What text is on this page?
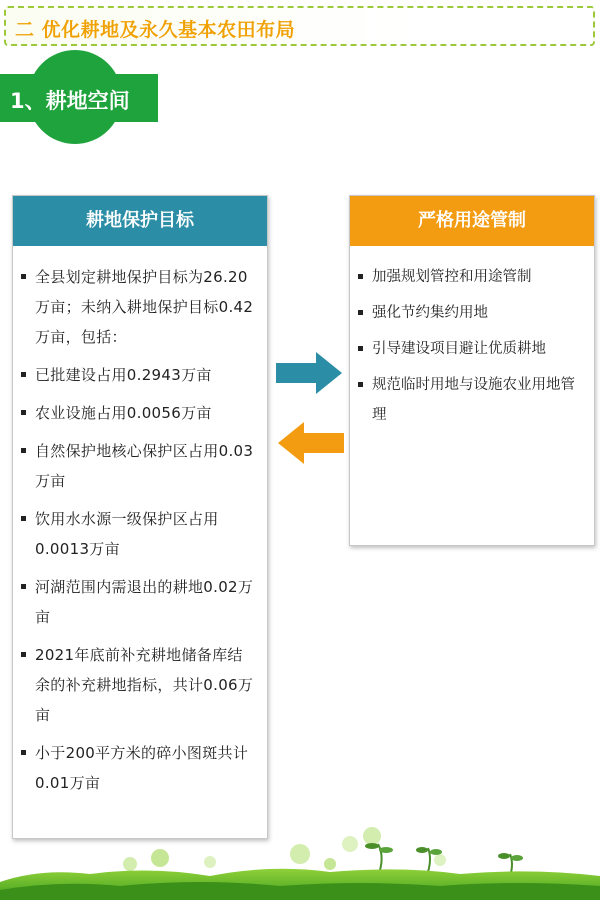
二 优化耕地及永久基本农田布局
1、耕地空间
耕地保护目标
全县划定耕地保护目标为26.20万亩；未纳入耕地保护目标0.42万亩，包括：
已批建设占用0.2943万亩
农业设施占用0.0056万亩
自然保护地核心保护区占用0.03万亩
饮用水水源一级保护区占用0.0013万亩
河湖范围内需退出的耕地0.02万亩
2021年底前补充耕地储备库结余的补充耕地指标，共计0.06万亩
小于200平方米的碎小图斑共计0.01万亩
严格用途管制
加强规划管控和用途管制
强化节约集约用地
引导建设项目避让优质耕地
规范临时用地与设施农业用地管理
